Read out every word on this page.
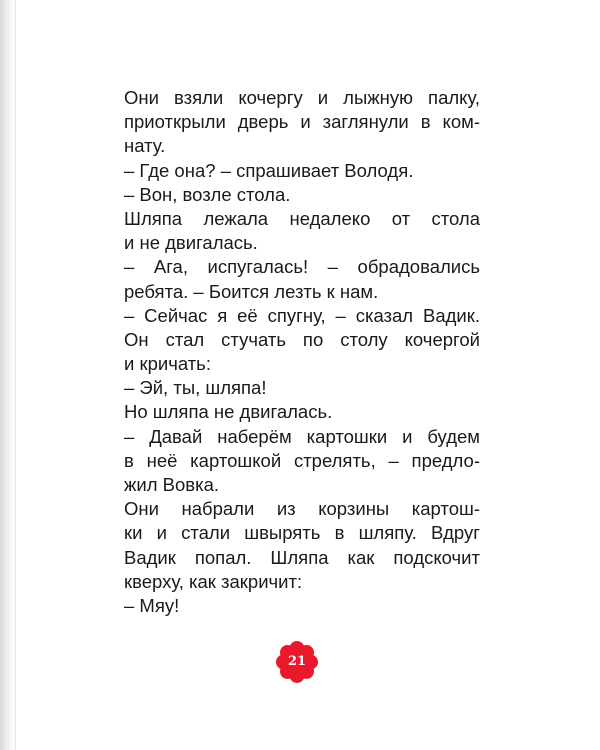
Они взяли кочергу и лыжную палку,
приоткрыли дверь и заглянули в ком-
нату.
– Где она? – спрашивает Володя.
– Вон, возле стола.
Шляпа лежала недалеко от стола
и не двигалась.
– Ага, испугалась! – обрадовались
ребята. – Боится лезть к нам.
– Сейчас я её спугну, – сказал Вадик.
Он стал стучать по столу кочергой
и кричать:
– Эй, ты, шляпа!
Но шляпа не двигалась.
– Давай наберём картошки и будем
в неё картошкой стрелять, – предло-
жил Вовка.
Они набрали из корзины картош-
ки и стали швырять в шляпу. Вдруг
Вадик попал. Шляпа как подскочит
кверху, как закричит:
– Мяу!
21
